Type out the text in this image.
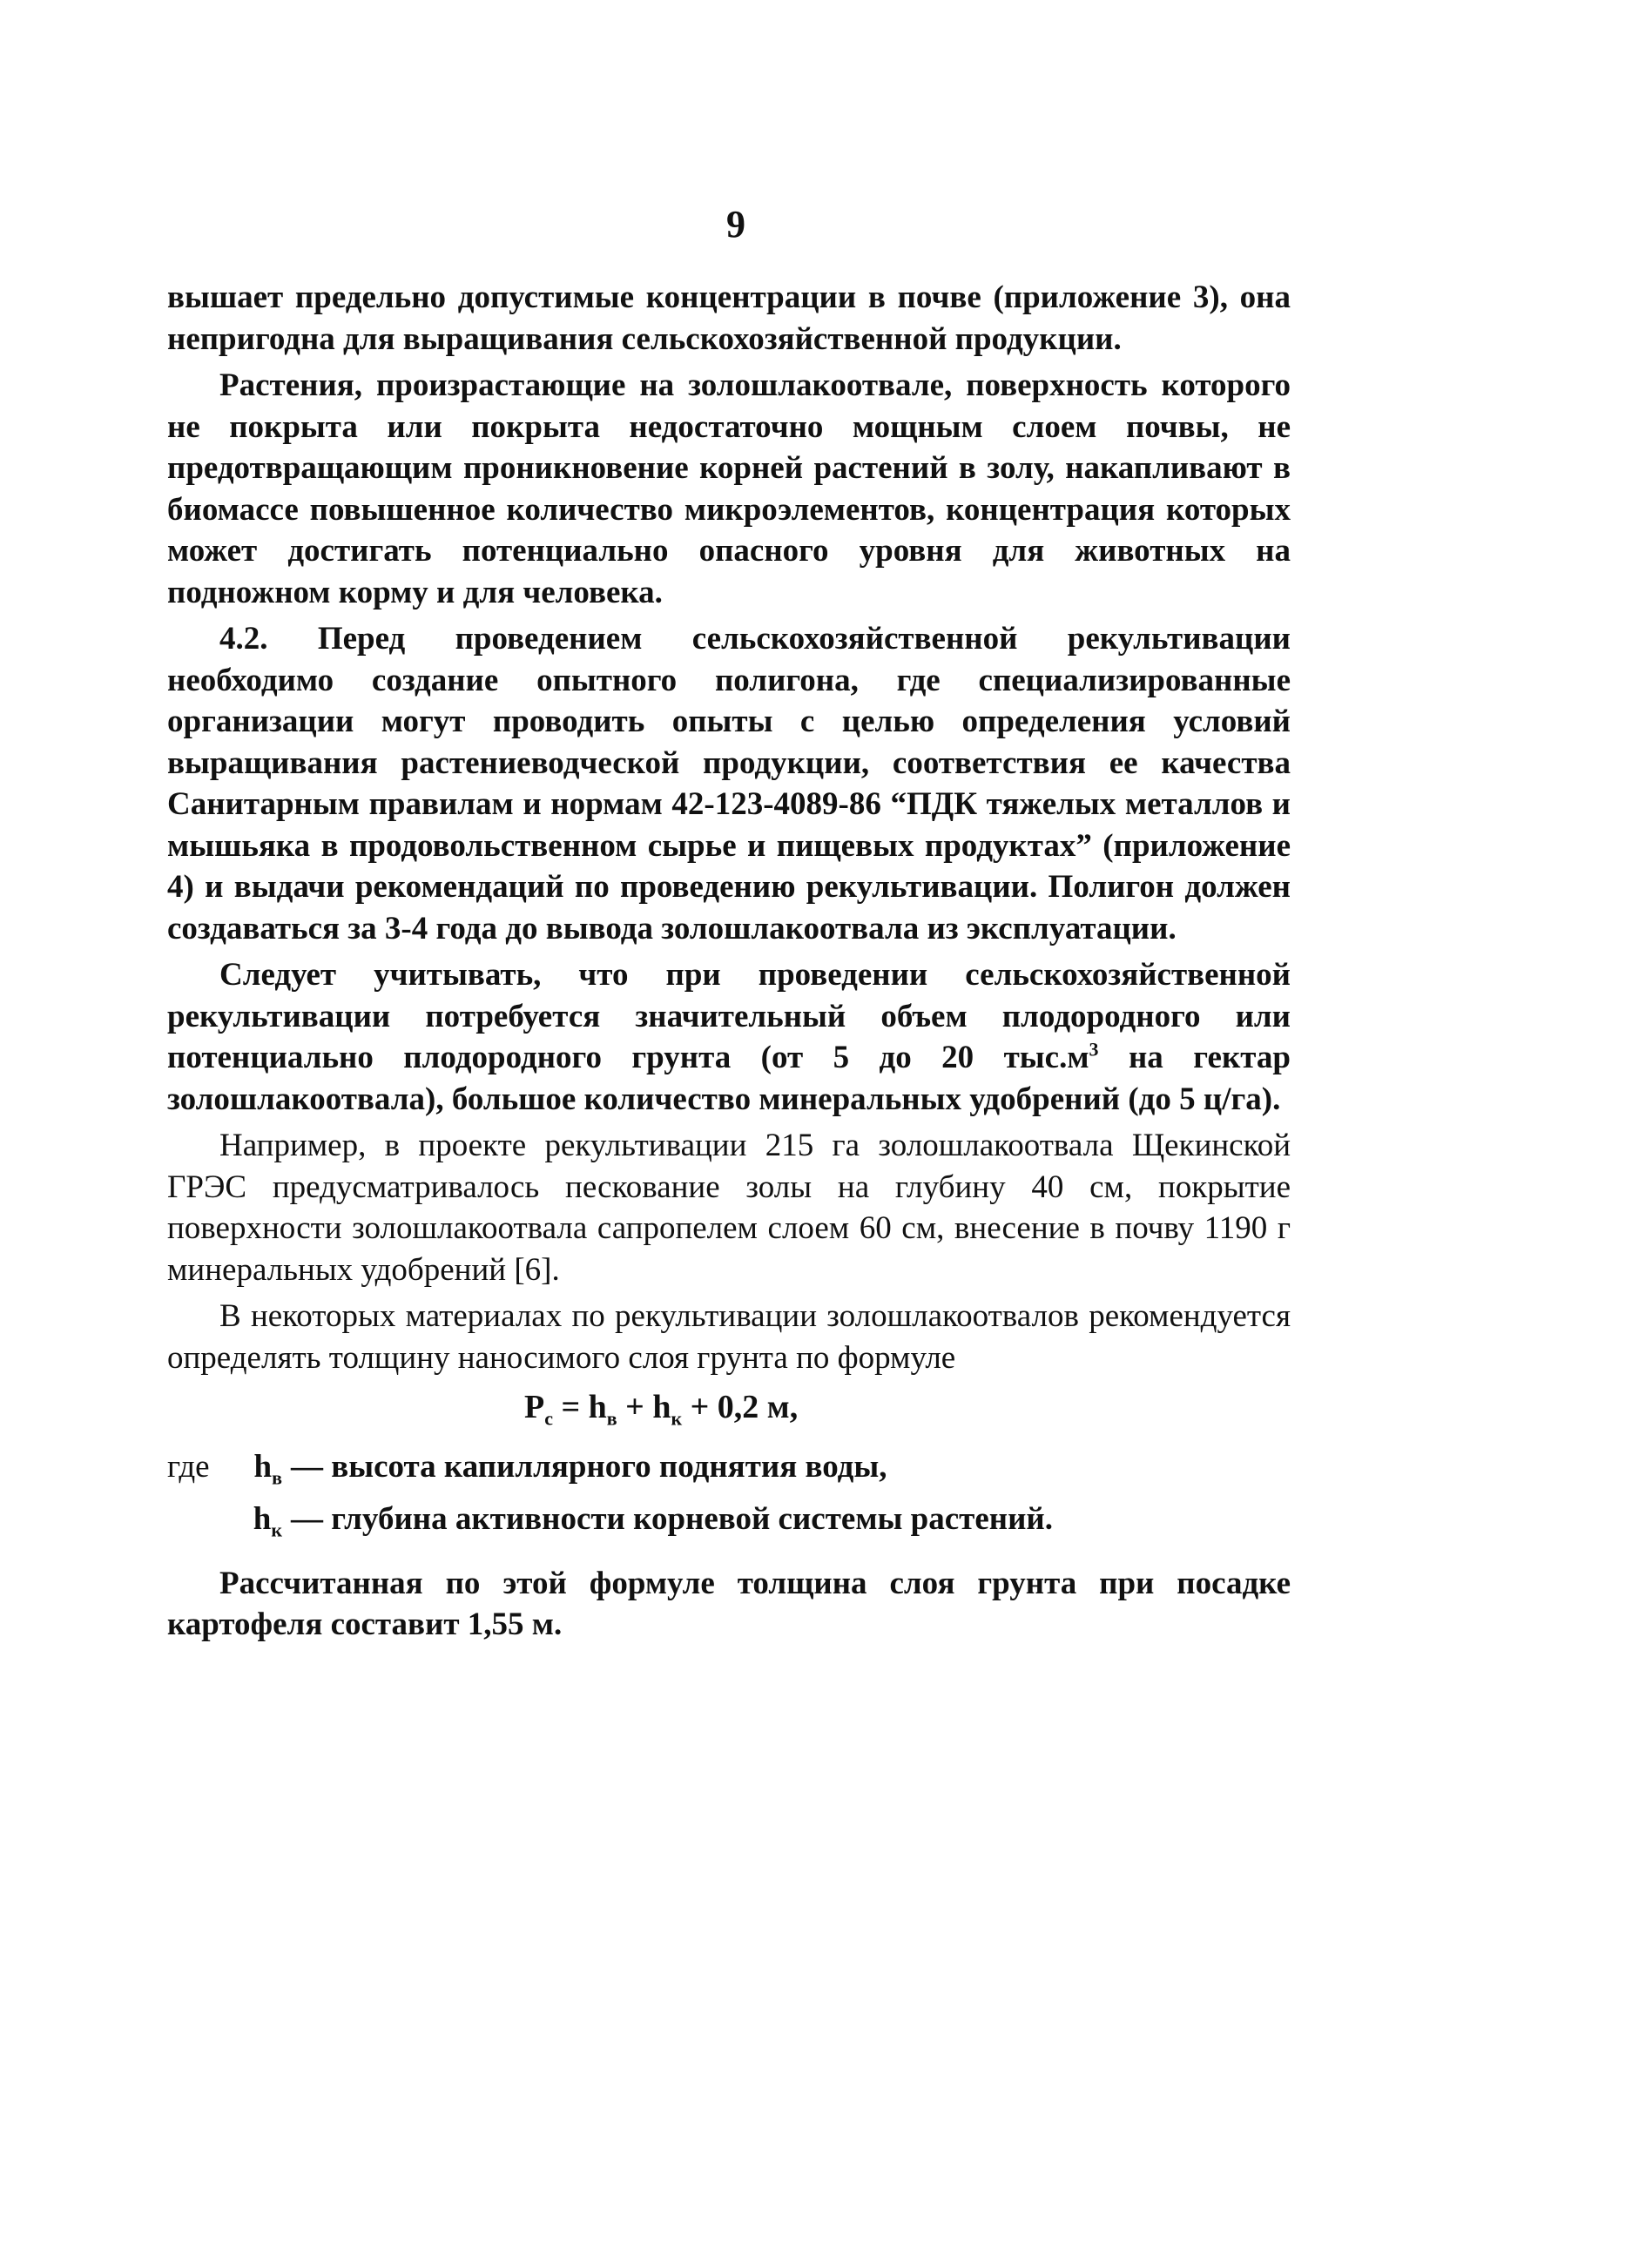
9

вышает предельно допустимые концентрации в почве (приложение 3), она непригодна для выращивания сельскохозяйственной продукции.

Растения, произрастающие на золошлакоотвале, поверхность которого не покрыта или покрыта недостаточно мощным слоем почвы, не предотвращающим проникновение корней растений в золу, накапливают в биомассе повышенное количество микроэлементов, концентрация которых может достигать потенциально опасного уровня для животных на подножном корму и для человека.

4.2. Перед проведением сельскохозяйственной рекультивации необходимо создание опытного полигона, где специализированные организации могут проводить опыты с целью определения условий выращивания растениеводческой продукции, соответствия ее качества Санитарным правилам и нормам 42-123-4089-86 “ПДК тяжелых металлов и мышьяка в продовольственном сырье и пищевых продуктах” (приложение 4) и выдачи рекомендаций по проведению рекультивации. Полигон должен создаваться за 3-4 года до вывода золошлакоотвала из эксплуатации.

Следует учитывать, что при проведении сельскохозяйственной рекультивации потребуется значительный объем плодородного или потенциально плодородного грунта (от 5 до 20 $тыс.м^3$ на гектар золошлакоотвала), большое количество минеральных удобрений (до 5 ц/га).

Например, в проекте рекультивации 215 га золошлакоотвала Щекинской ГРЭС предусматривалось пескование золы на глубину 40 см, покрытие поверхности золошлакоотвала сапропелем слоем 60 см, внесение в почву 1190 г минеральных удобрений [6].

В некоторых материалах по рекультивации золошлакоотвалов рекомендуется определять толщину наносимого слоя грунта по формуле

$P_c = h_в + h_к + 0,2$ м,
где	$h_в$ — высота капиллярного поднятия воды,
$h_к$ — глубина активности корневой системы растений.

Рассчитанная по этой формуле толщина слоя грунта при посадке картофеля составит 1,55 м.
